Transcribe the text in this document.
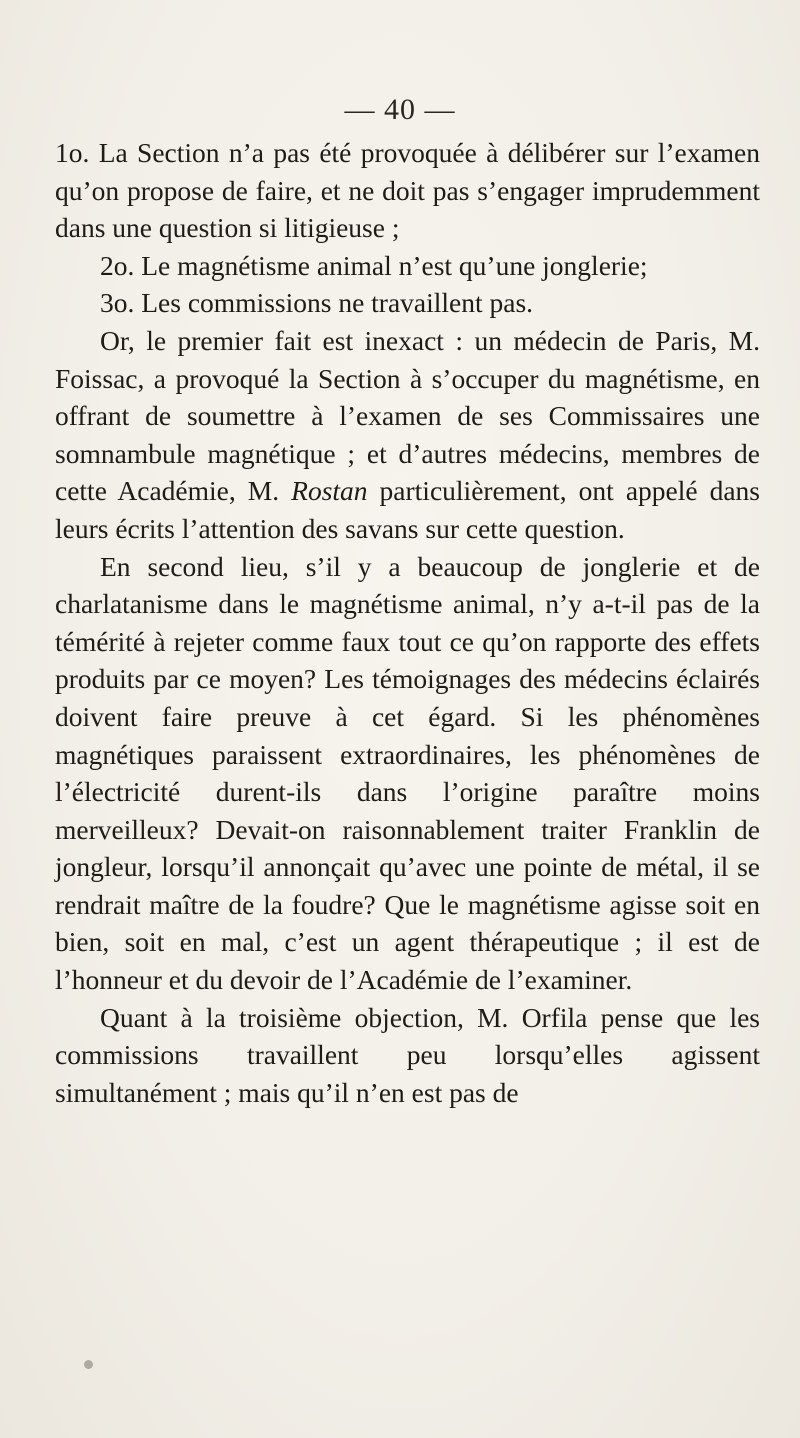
— 40 —

1o. La Section n’a pas été provoquée à délibérer sur l’examen qu’on propose de faire, et ne doit pas s’engager imprudemment dans une question si litigieuse ;

2o. Le magnétisme animal n’est qu’une jonglerie;

3o. Les commissions ne travaillent pas.

Or, le premier fait est inexact : un médecin de Paris, M. Foissac, a provoqué la Section à s’occuper du magnétisme, en offrant de soumettre à l’examen de ses Commissaires une somnambule magnétique ; et d’autres médecins, membres de cette Académie, M. Rostan particulièrement, ont appelé dans leurs écrits l’attention des savans sur cette question.

En second lieu, s’il y a beaucoup de jonglerie et de charlatanisme dans le magnétisme animal, n’y a-t-il pas de la témérité à rejeter comme faux tout ce qu’on rapporte des effets produits par ce moyen? Les témoignages des médecins éclairés doivent faire preuve à cet égard. Si les phénomènes magnétiques paraissent extraordinaires, les phénomènes de l’électricité durent-ils dans l’origine paraître moins merveilleux? Devait-on raisonnablement traiter Franklin de jongleur, lorsqu’il annonçait qu’avec une pointe de métal, il se rendrait maître de la foudre? Que le magnétisme agisse soit en bien, soit en mal, c’est un agent thérapeutique ; il est de l’honneur et du devoir de l’Académie de l’examiner.

Quant à la troisième objection, M. Orfila pense que les commissions travaillent peu lorsqu’elles agissent simultanément ; mais qu’il n’en est pas de
